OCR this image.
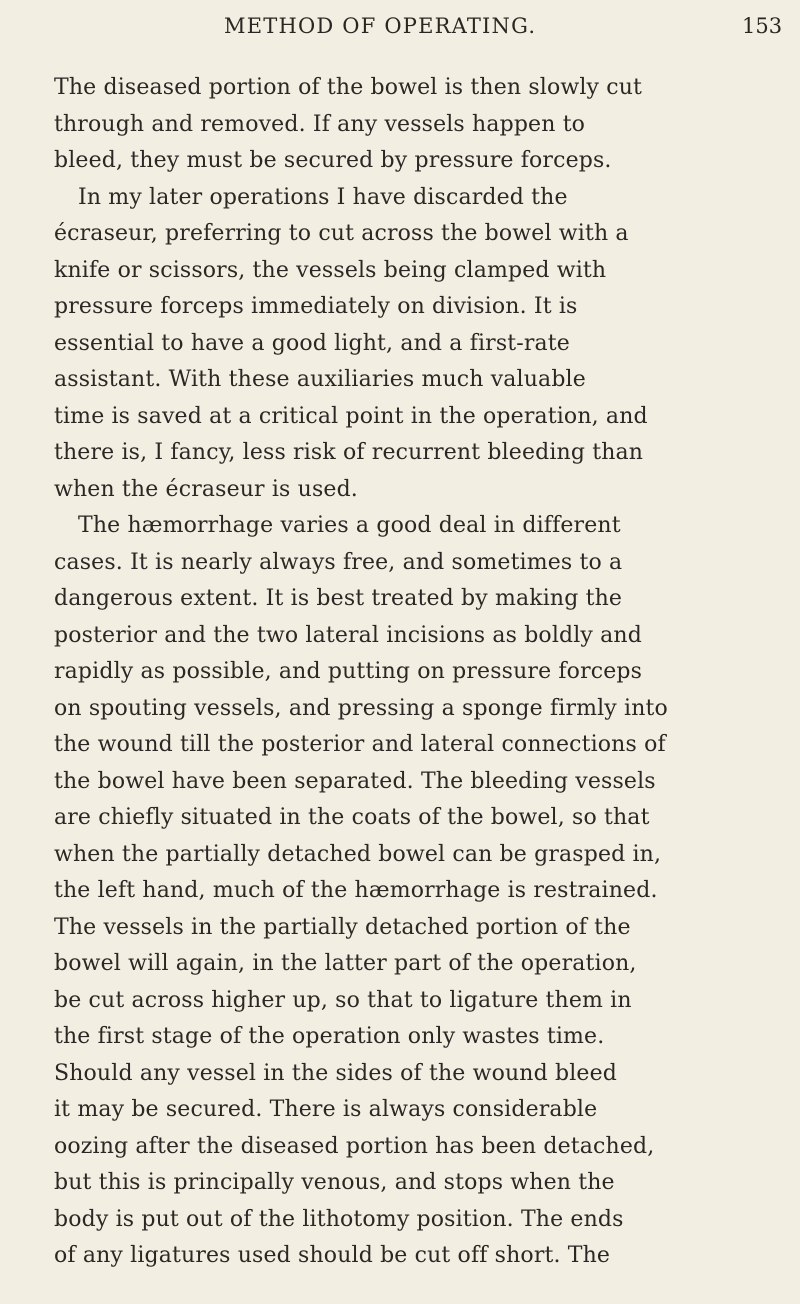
METHOD OF OPERATING.	153
The diseased portion of the bowel is then slowly cut
through and removed. If any vessels happen to
bleed, they must be secured by pressure forceps.
In my later operations I have discarded the
écraseur, preferring to cut across the bowel with a
knife or scissors, the vessels being clamped with
pressure forceps immediately on division. It is
essential to have a good light, and a first-rate
assistant. With these auxiliaries much valuable
time is saved at a critical point in the operation, and
there is, I fancy, less risk of recurrent bleeding than
when the écraseur is used.
The hæmorrhage varies a good deal in different
cases. It is nearly always free, and sometimes to a
dangerous extent. It is best treated by making the
posterior and the two lateral incisions as boldly and
rapidly as possible, and putting on pressure forceps
on spouting vessels, and pressing a sponge firmly into
the wound till the posterior and lateral connections of
the bowel have been separated. The bleeding vessels
are chiefly situated in the coats of the bowel, so that
when the partially detached bowel can be grasped in,
the left hand, much of the hæmorrhage is restrained.
The vessels in the partially detached portion of the
bowel will again, in the latter part of the operation,
be cut across higher up, so that to ligature them in
the first stage of the operation only wastes time.
Should any vessel in the sides of the wound bleed
it may be secured. There is always considerable
oozing after the diseased portion has been detached,
but this is principally venous, and stops when the
body is put out of the lithotomy position. The ends
of any ligatures used should be cut off short. The
